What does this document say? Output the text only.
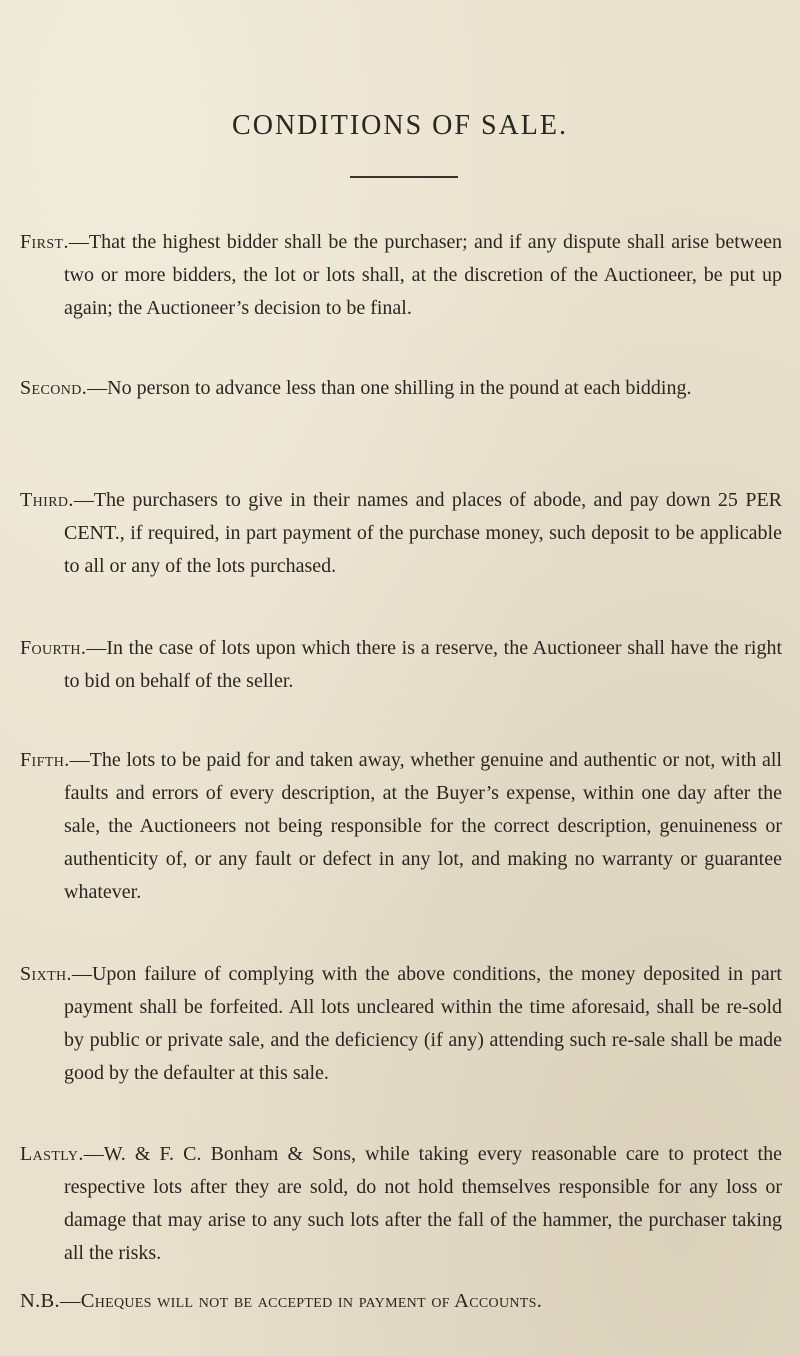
CONDITIONS OF SALE.

First.—That the highest bidder shall be the purchaser; and if any dispute shall arise between two or more bidders, the lot or lots shall, at the discretion of the Auctioneer, be put up again; the Auctioneer’s decision to be final.

Second.—No person to advance less than one shilling in the pound at each bidding.

Third.—The purchasers to give in their names and places of abode, and pay down 25 PER CENT., if required, in part payment of the purchase money, such deposit to be applicable to all or any of the lots purchased.

Fourth.—In the case of lots upon which there is a reserve, the Auctioneer shall have the right to bid on behalf of the seller.

Fifth.—The lots to be paid for and taken away, whether genuine and authentic or not, with all faults and errors of every description, at the Buyer’s expense, within one day after the sale, the Auctioneers not being responsible for the correct description, genuineness or authenticity of, or any fault or defect in any lot, and making no warranty or guarantee whatever.

Sixth.—Upon failure of complying with the above conditions, the money deposited in part payment shall be forfeited. All lots uncleared within the time aforesaid, shall be re-sold by public or private sale, and the deficiency (if any) attending such re-sale shall be made good by the defaulter at this sale.

Lastly.—W. & F. C. Bonham & Sons, while taking every reasonable care to protect the respective lots after they are sold, do not hold themselves responsible for any loss or damage that may arise to any such lots after the fall of the hammer, the purchaser taking all the risks.

N.B.—Cheques will not be accepted in payment of Accounts.
